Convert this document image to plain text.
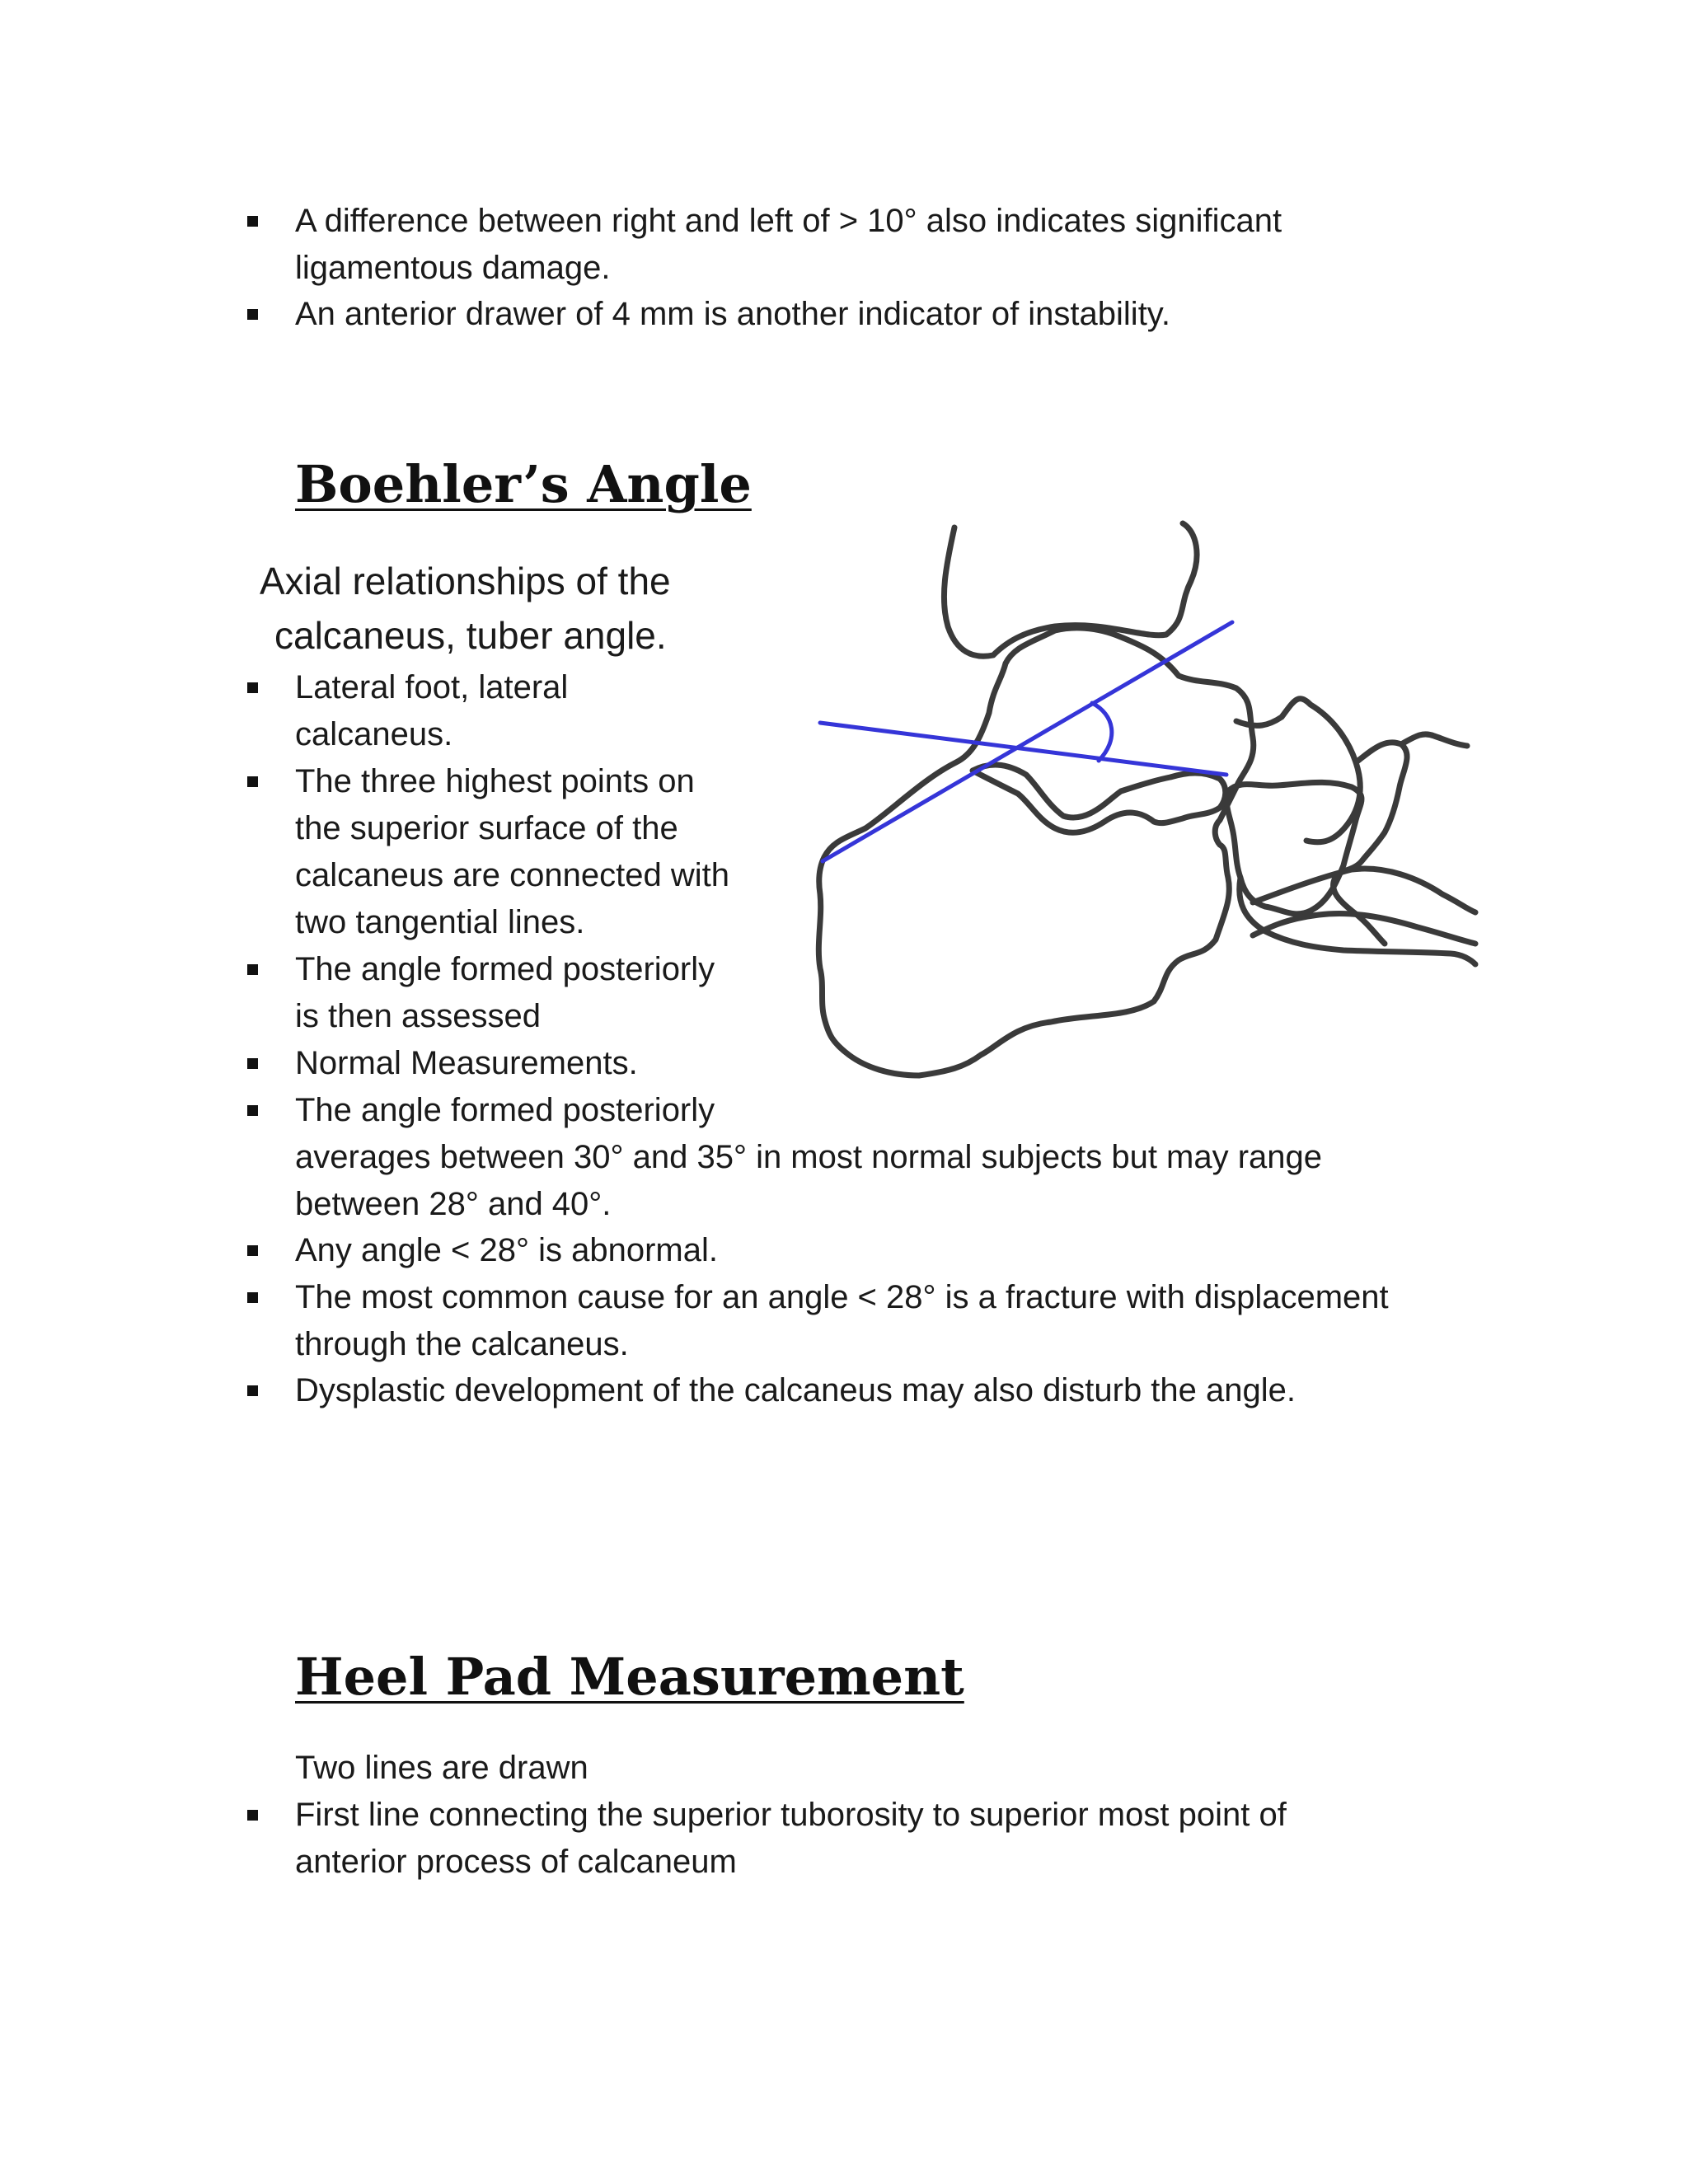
A difference between right and left of > 10° also indicates significant

ligamentous damage.

An anterior drawer of 4 mm is another indicator of instability.

Boehler’s Angle

Axial relationships of the

calcaneus, tuber angle.

Lateral foot, lateral

calcaneus.

The three highest points on

the superior surface of the

calcaneus are connected with

two tangential lines.

The angle formed posteriorly

is then assessed

Normal Measurements.

The angle formed posteriorly

averages between 30° and 35° in most normal subjects but may range

between 28° and 40°.

Any angle < 28° is abnormal.

The most common cause for an angle < 28° is a fracture with displacement

through the calcaneus.

Dysplastic development of the calcaneus may also disturb the angle.

Heel Pad Measurement

Two lines are drawn

First line connecting the superior tuborosity to superior most point of

anterior process of calcaneum
